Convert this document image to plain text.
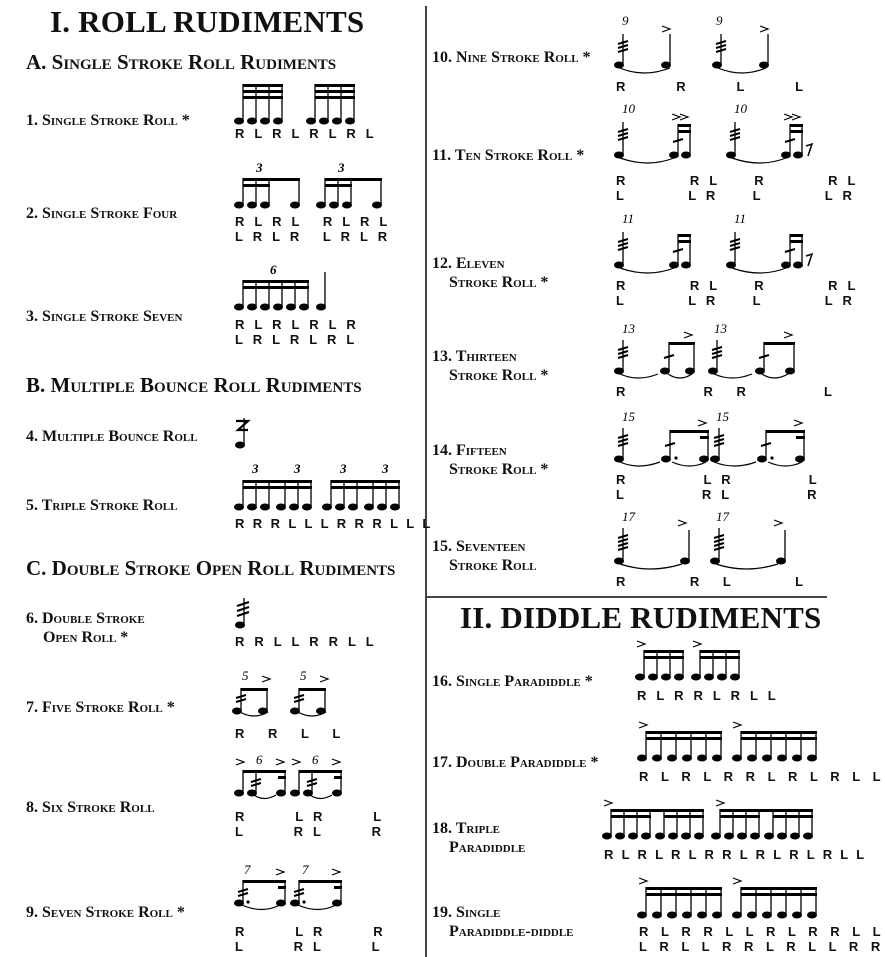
I. ROLL RUDIMENTS
A. Single Stroke Roll Rudiments
B. Multiple Bounce Roll Rudiments
C. Double Stroke Open Roll Rudiments
II. DIDDLE RUDIMENTS
1. Single Stroke Roll *
R L R L R L R L
2. Single Stroke Four
3	3
R L R L   R L R L
L R L R   L R L R
3. Single Stroke Seven
6
R L R L R L R
L R L R L R L
4. Multiple Bounce Roll
5. Triple Stroke Roll
3	3	3	3
R R R L L L R R R L L L
6. Double Stroke
Open Roll *	R R L L R R L L
7. Five Stroke Roll *
5	5
R   R   L   L
8. Six Stroke Roll
6	6
R       L R       L
L       R L       R
9. Seven Stroke Roll *
7	7
R       L R       R
L       R L       L
10. Nine Stroke Roll *
9	9
R       R       L       L
11. Ten Stroke Roll *
10	10
R         R L     R         R L
L         L R     L         L R
12. Eleven
Stroke Roll *
11	11
R         R L     R         R L
L         L R     L         L R
13. Thirteen
Stroke Roll *
13	13
R           R   R           L
14. Fifteen
Stroke Roll *
15	15
R           L R           L
L           R L           R
15. Seventeen
Stroke Roll
17	17
R         R   L         L
16. Single Paradiddle *
R L R R L R L L
17. Double Paradiddle *
R L R L R R L R L R L L
18. Triple
Paradiddle	R L R L R L R R L R L R L R L L
19. Single
Paradiddle-diddle	R L R R L L R L R R L L
L R L L R R L R L L R R
